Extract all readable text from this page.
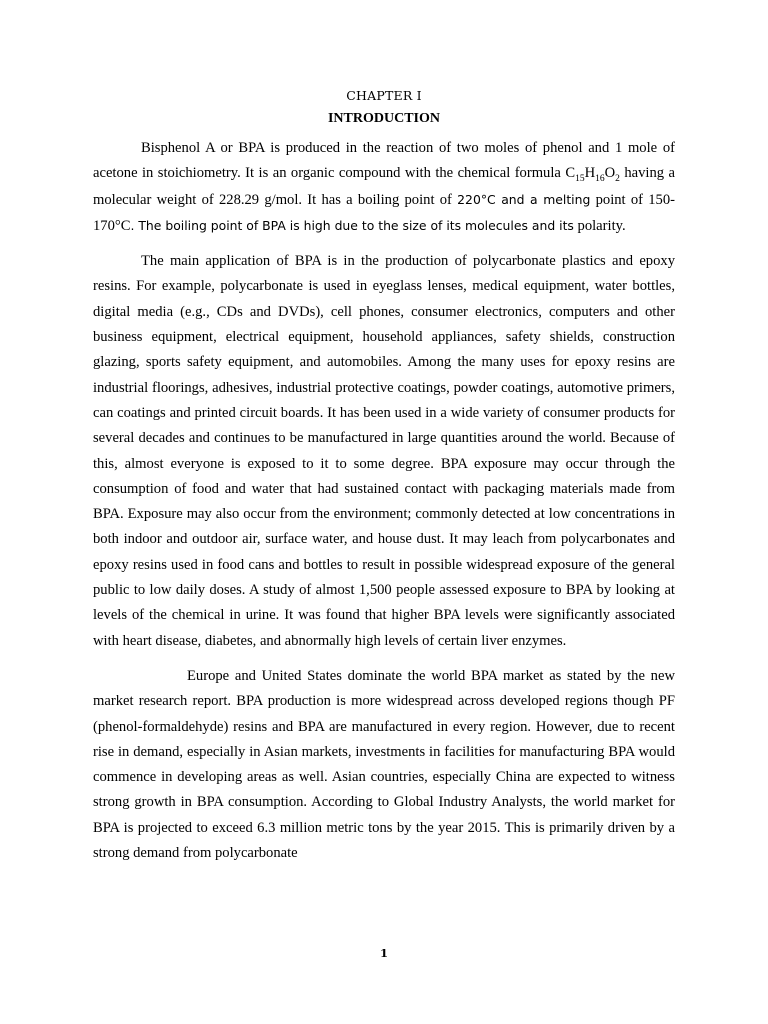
CHAPTER I
INTRODUCTION

Bisphenol A or BPA is produced in the reaction of two moles of phenol and 1 mole of acetone in stoichiometry. It is an organic compound with the chemical formula $C_{15}H_{16}O_2$ having a molecular weight of 228.29 g/mol. It has a boiling point of 220°C and a melting point of 150-170°C. The boiling point of BPA is high due to the size of its molecules and its polarity.

The main application of BPA is in the production of polycarbonate plastics and epoxy resins. For example, polycarbonate is used in eyeglass lenses, medical equipment, water bottles, digital media (e.g., CDs and DVDs), cell phones, consumer electronics, computers and other business equipment, electrical equipment, household appliances, safety shields, construction glazing, sports safety equipment, and automobiles. Among the many uses for epoxy resins are industrial floorings, adhesives, industrial protective coatings, powder coatings, automotive primers, can coatings and printed circuit boards. It has been used in a wide variety of consumer products for several decades and continues to be manufactured in large quantities around the world. Because of this, almost everyone is exposed to it to some degree. BPA exposure may occur through the consumption of food and water that had sustained contact with packaging materials made from BPA. Exposure may also occur from the environment; commonly detected at low concentrations in both indoor and outdoor air, surface water, and house dust. It may leach from polycarbonates and epoxy resins used in food cans and bottles to result in possible widespread exposure of the general public to low daily doses. A study of almost 1,500 people assessed exposure to BPA by looking at levels of the chemical in urine. It was found that higher BPA levels were significantly associated with heart disease, diabetes, and abnormally high levels of certain liver enzymes.

Europe and United States dominate the world BPA market as stated by the new market research report. BPA production is more widespread across developed regions though PF (phenol-formaldehyde) resins and BPA are manufactured in every region. However, due to recent rise in demand, especially in Asian markets, investments in facilities for manufacturing BPA would commence in developing areas as well. Asian countries, especially China are expected to witness strong growth in BPA consumption. According to Global Industry Analysts, the world market for BPA is projected to exceed 6.3 million metric tons by the year 2015. This is primarily driven by a strong demand from polycarbonate

1
